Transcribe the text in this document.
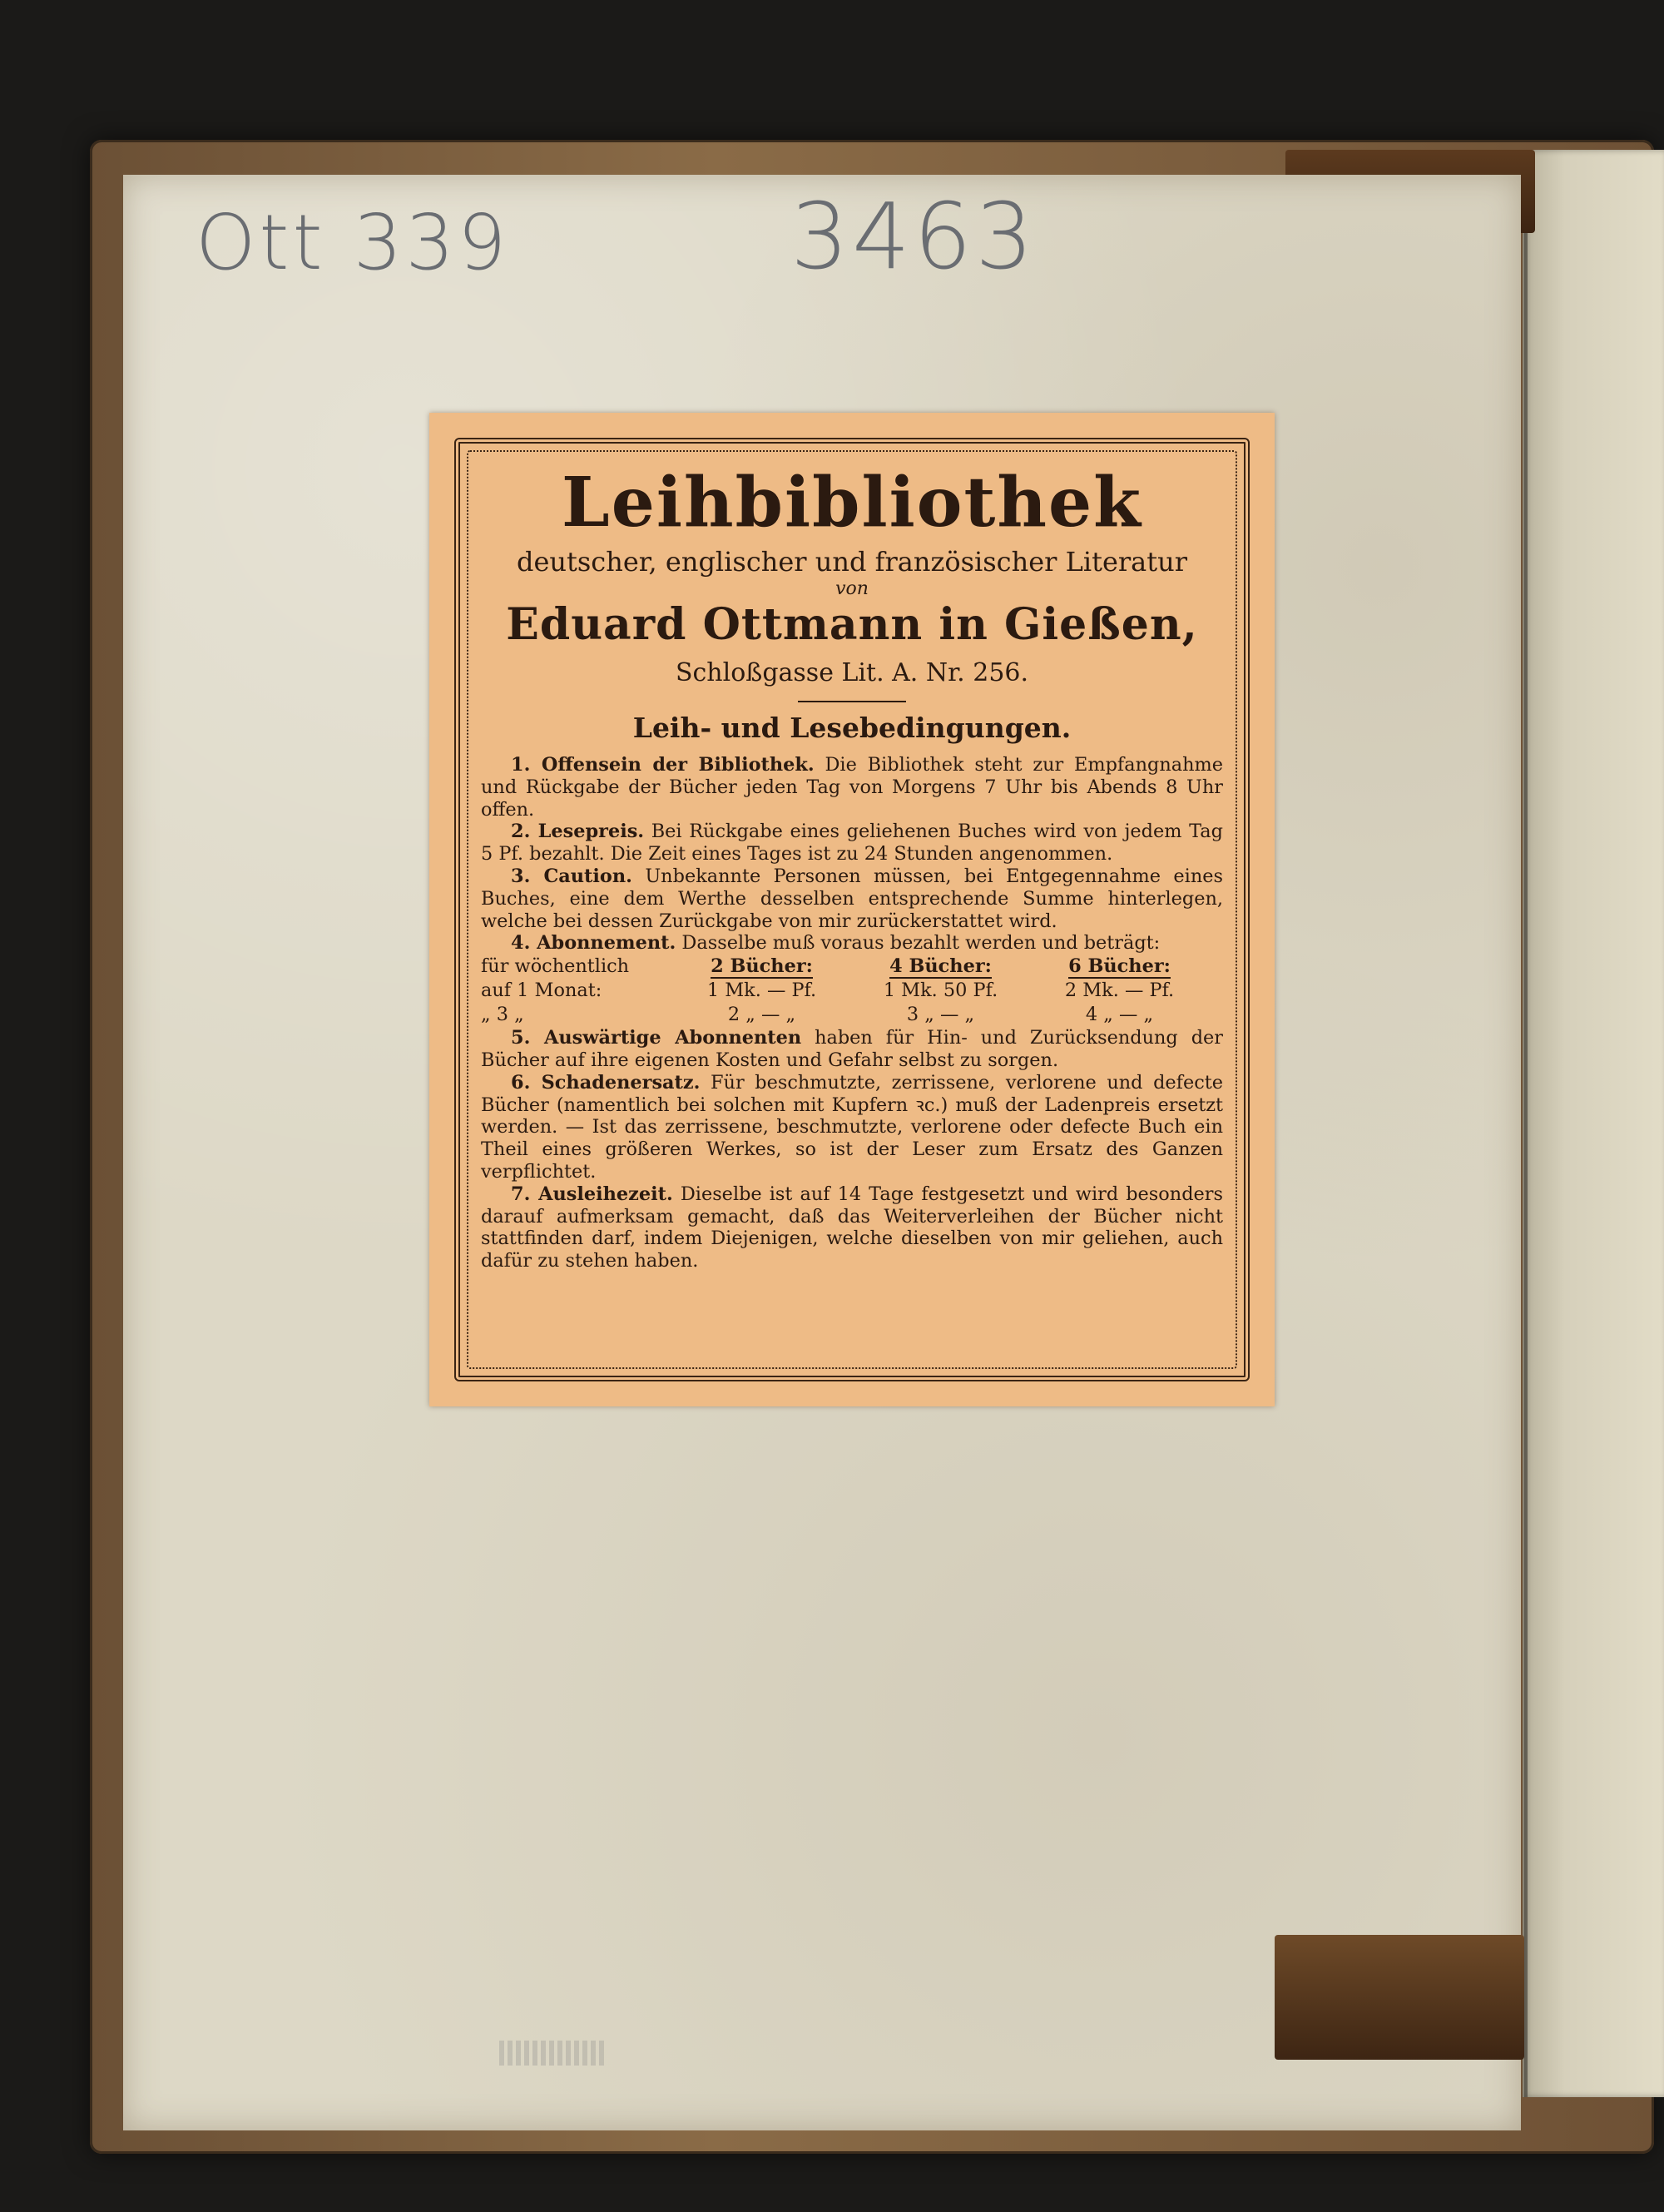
Ott 339	3463
Leihbibliothek
deutscher, englischer und französischer Literatur
von
Eduard Ottmann in Gießen,
Schloßgasse Lit. A. Nr. 256.
Leih- und Lesebedingungen.

1. Offensein der Bibliothek. Die Bibliothek steht zur Empfangnahme und Rückgabe der Bücher jeden Tag von Morgens 7 Uhr bis Abends 8 Uhr offen.

2. Lesepreis. Bei Rückgabe eines geliehenen Buches wird von jedem Tag 5 Pf. bezahlt. Die Zeit eines Tages ist zu 24 Stunden angenommen.

3. Caution. Unbekannte Personen müssen, bei Entgegennahme eines Buches, eine dem Werthe desselben entsprechende Summe hinterlegen, welche bei dessen Zurückgabe von mir zurückerstattet wird.

4. Abonnement. Dasselbe muß voraus bezahlt werden und beträgt:

für wöchentlich	2 Bücher:	4 Bücher:	6 Bücher:
auf 1 Monat:	1 Mk. — Pf.	1 Mk. 50 Pf.	2 Mk. — Pf.
„ 3 „	2 „ — „	3 „ — „	4 „ — „

5. Auswärtige Abonnenten haben für Hin- und Zurücksendung der Bücher auf ihre eigenen Kosten und Gefahr selbst zu sorgen.

6. Schadenersatz. Für beschmutzte, zerrissene, verlorene und defecte Bücher (namentlich bei solchen mit Kupfern ꝛc.) muß der Ladenpreis ersetzt werden. — Ist das zerrissene, beschmutzte, verlorene oder defecte Buch ein Theil eines größeren Werkes, so ist der Leser zum Ersatz des Ganzen verpflichtet.

7. Ausleihezeit. Dieselbe ist auf 14 Tage festgesetzt und wird besonders darauf aufmerksam gemacht, daß das Weiterverleihen der Bücher nicht stattfinden darf, indem Diejenigen, welche dieselben von mir geliehen, auch dafür zu stehen haben.
